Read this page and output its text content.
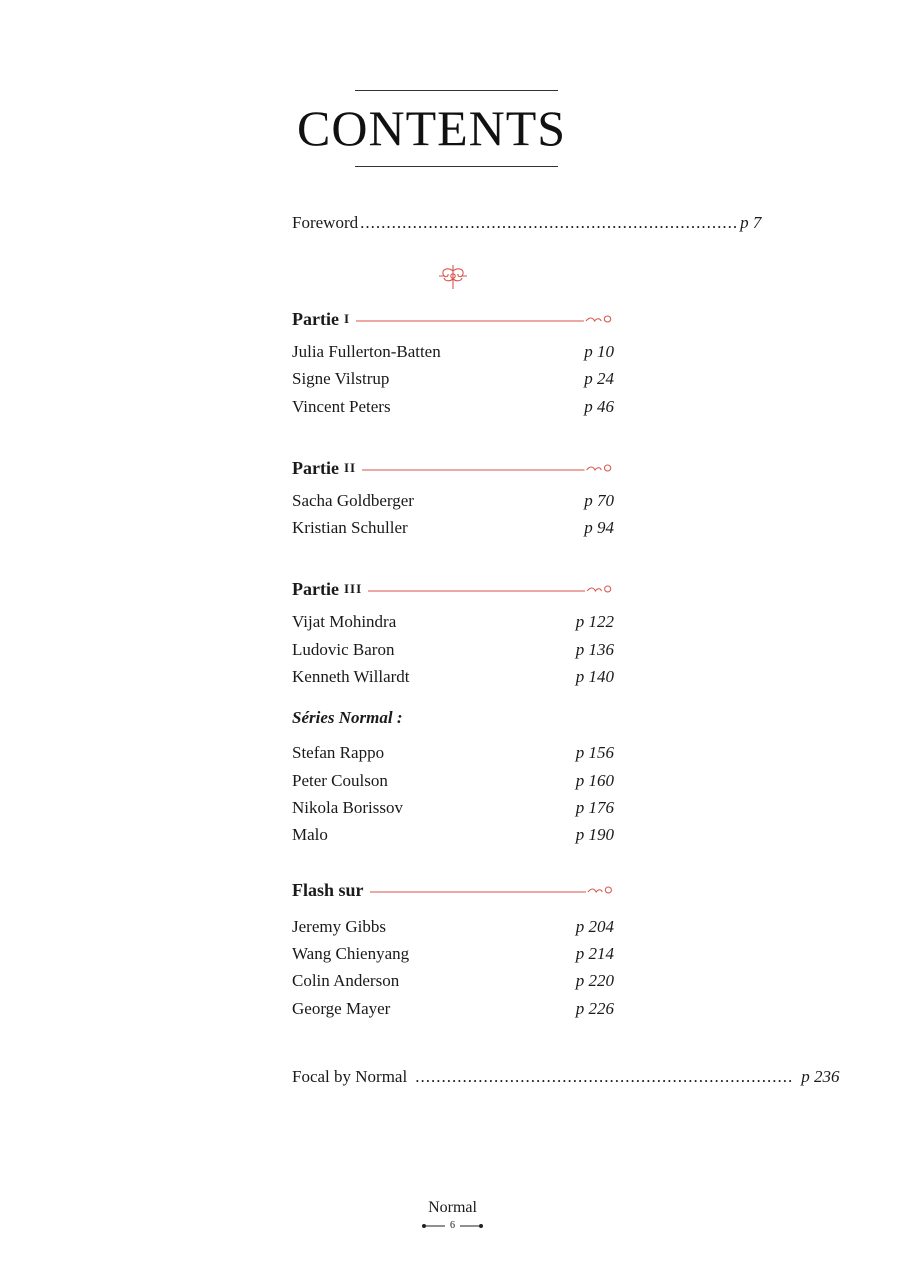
CONTENTS
Foreword ........................................................................ p 7
Partie I
Julia Fullerton-Batten	p 10
Signe Vilstrup	p 24
Vincent Peters	p 46
Partie II
Sacha Goldberger	p 70
Kristian Schuller	p 94
Partie III
Vijat Mohindra	p 122
Ludovic Baron	p 136
Kenneth Willardt	p 140
Séries Normal :
Stefan Rappo	p 156
Peter Coulson	p 160
Nikola Borissov	p 176
Malo	p 190
Flash sur
Jeremy Gibbs	p 204
Wang Chienyang	p 214
Colin Anderson	p 220
George Mayer	p 226
Focal by Normal ........................................................................ p 236
Normal
6
